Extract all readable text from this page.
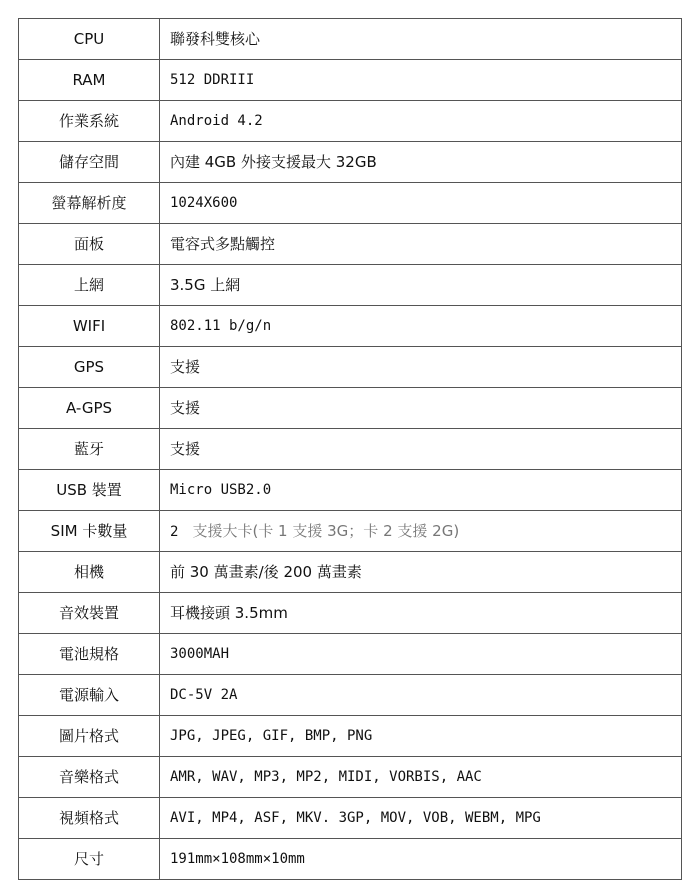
CPU	聯發科雙核心
RAM	512 DDRIII
作業系統	Android 4.2
儲存空間	內建 4GB 外接支援最大 32GB
螢幕解析度	1024X600
面板	電容式多點觸控
上網	3.5G 上網
WIFI	802.11 b/g/n
GPS	支援
A-GPS	支援
藍牙	支援
USB 裝置	Micro USB2.0
SIM 卡數量	2 支援大卡(卡 1 支援 3G；卡 2 支援 2G)
相機	前 30 萬畫素/後 200 萬畫素
音效裝置	耳機接頭 3.5mm
電池規格	3000MAH
電源輸入	DC-5V 2A
圖片格式	JPG, JPEG, GIF, BMP, PNG
音樂格式	AMR, WAV, MP3, MP2, MIDI, VORBIS, AAC
視頻格式	AVI, MP4, ASF, MKV. 3GP, MOV, VOB, WEBM, MPG
尺寸	191mm×108mm×10mm
